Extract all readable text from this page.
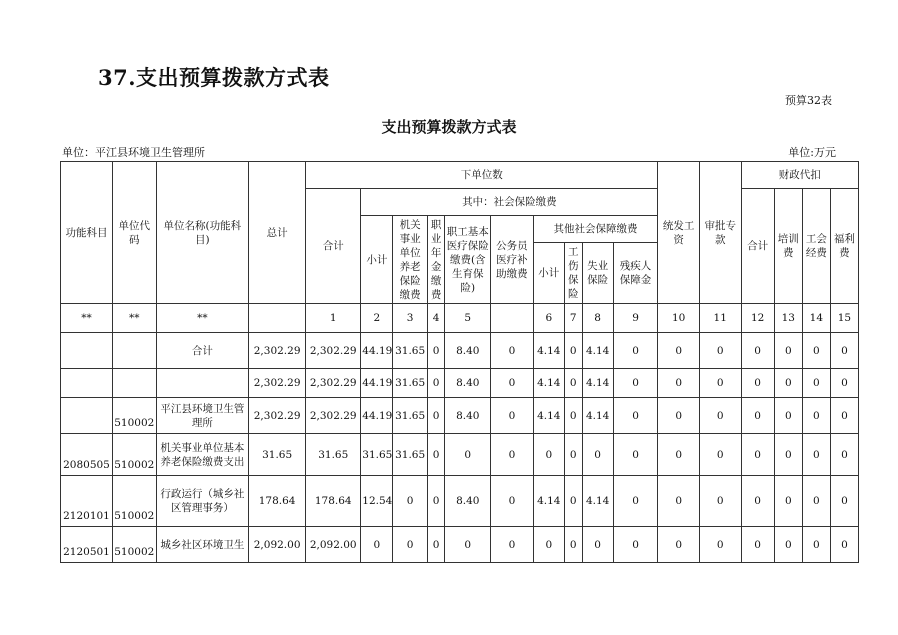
37.支出预算拨款方式表
预算32表
支出预算拨款方式表
单位：平江县环境卫生管理所	单位:万元
功能科目	单位代码	单位名称(功能科目)	总计	下单位数										统发工资	审批专款	财政代扣			
				合计	其中：社会保险缴费											合计	培训费	工会经费	福利费
					小计	机关事业单位养老保险缴费	职业年金缴费	职工基本医疗保险缴费(含生育保险)	公务员医疗补助缴费	其他社会保障缴费									
										小计	工伤保险	失业保险	残疾人保障金						
**	**	**		1	2	3	4	5		6	7	8	9	10	11	12	13	14	15
		合计	2,302.29	2,302.29	44.19	31.65	0	8.40	0	4.14	0	4.14	0	0	0	0	0	0	0
			2,302.29	2,302.29	44.19	31.65	0	8.40	0	4.14	0	4.14	0	0	0	0	0	0	0
	510002	平江县环境卫生管理所	2,302.29	2,302.29	44.19	31.65	0	8.40	0	4.14	0	4.14	0	0	0	0	0	0	0
2080505	510002	机关事业单位基本养老保险缴费支出	31.65	31.65	31.65	31.65	0	0	0	0	0	0	0	0	0	0	0	0	0
2120101	510002	行政运行（城乡社区管理事务）	178.64	178.64	12.54	0	0	8.40	0	4.14	0	4.14	0	0	0	0	0	0	0
2120501	510002	城乡社区环境卫生	2,092.00	2,092.00	0	0	0	0	0	0	0	0	0	0	0	0	0	0	0
